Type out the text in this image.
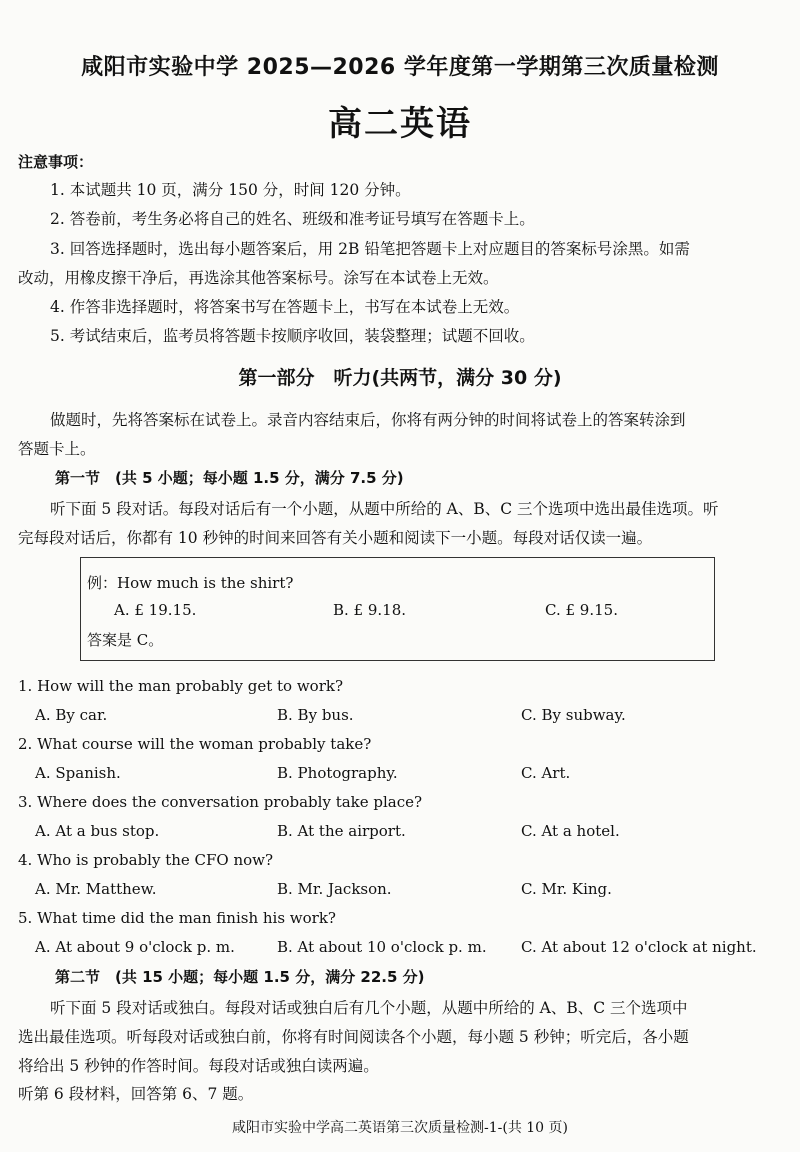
咸阳市实验中学 2025—2026 学年度第一学期第三次质量检测
高二英语
注意事项：
1. 本试题共 10 页，满分 150 分，时间 120 分钟。
2. 答卷前，考生务必将自己的姓名、班级和准考证号填写在答题卡上。
3. 回答选择题时，选出每小题答案后，用 2B 铅笔把答题卡上对应题目的答案标号涂黑。如需
改动，用橡皮擦干净后，再选涂其他答案标号。涂写在本试卷上无效。
4. 作答非选择题时，将答案书写在答题卡上，书写在本试卷上无效。
5. 考试结束后，监考员将答题卡按顺序收回，装袋整理；试题不回收。
第一部分　听力(共两节，满分 30 分)
做题时，先将答案标在试卷上。录音内容结束后，你将有两分钟的时间将试卷上的答案转涂到
答题卡上。
第一节　(共 5 小题；每小题 1.5 分，满分 7.5 分)
听下面 5 段对话。每段对话后有一个小题，从题中所给的 A、B、C 三个选项中选出最佳选项。听
完每段对话后，你都有 10 秒钟的时间来回答有关小题和阅读下一小题。每段对话仅读一遍。
例：How much is the shirt?
A. £ 19.15.	B. £ 9.18.	C. £ 9.15.
答案是 C。
1. How will the man probably get to work?
A. By car.	B. By bus.	C. By subway.
2. What course will the woman probably take?
A. Spanish.	B. Photography.	C. Art.
3. Where does the conversation probably take place?
A. At a bus stop.	B. At the airport.	C. At a hotel.
4. Who is probably the CFO now?
A. Mr. Matthew.	B. Mr. Jackson.	C. Mr. King.
5. What time did the man finish his work?
A. At about 9 o'clock p. m.	B. At about 10 o'clock p. m. C. At about 12 o'clock at night.
第二节　(共 15 小题；每小题 1.5 分，满分 22.5 分)
听下面 5 段对话或独白。每段对话或独白后有几个小题，从题中所给的 A、B、C 三个选项中
选出最佳选项。听每段对话或独白前，你将有时间阅读各个小题，每小题 5 秒钟；听完后，各小题
将给出 5 秒钟的作答时间。每段对话或独白读两遍。
听第 6 段材料，回答第 6、7 题。
咸阳市实验中学高二英语第三次质量检测-1-(共 10 页)
